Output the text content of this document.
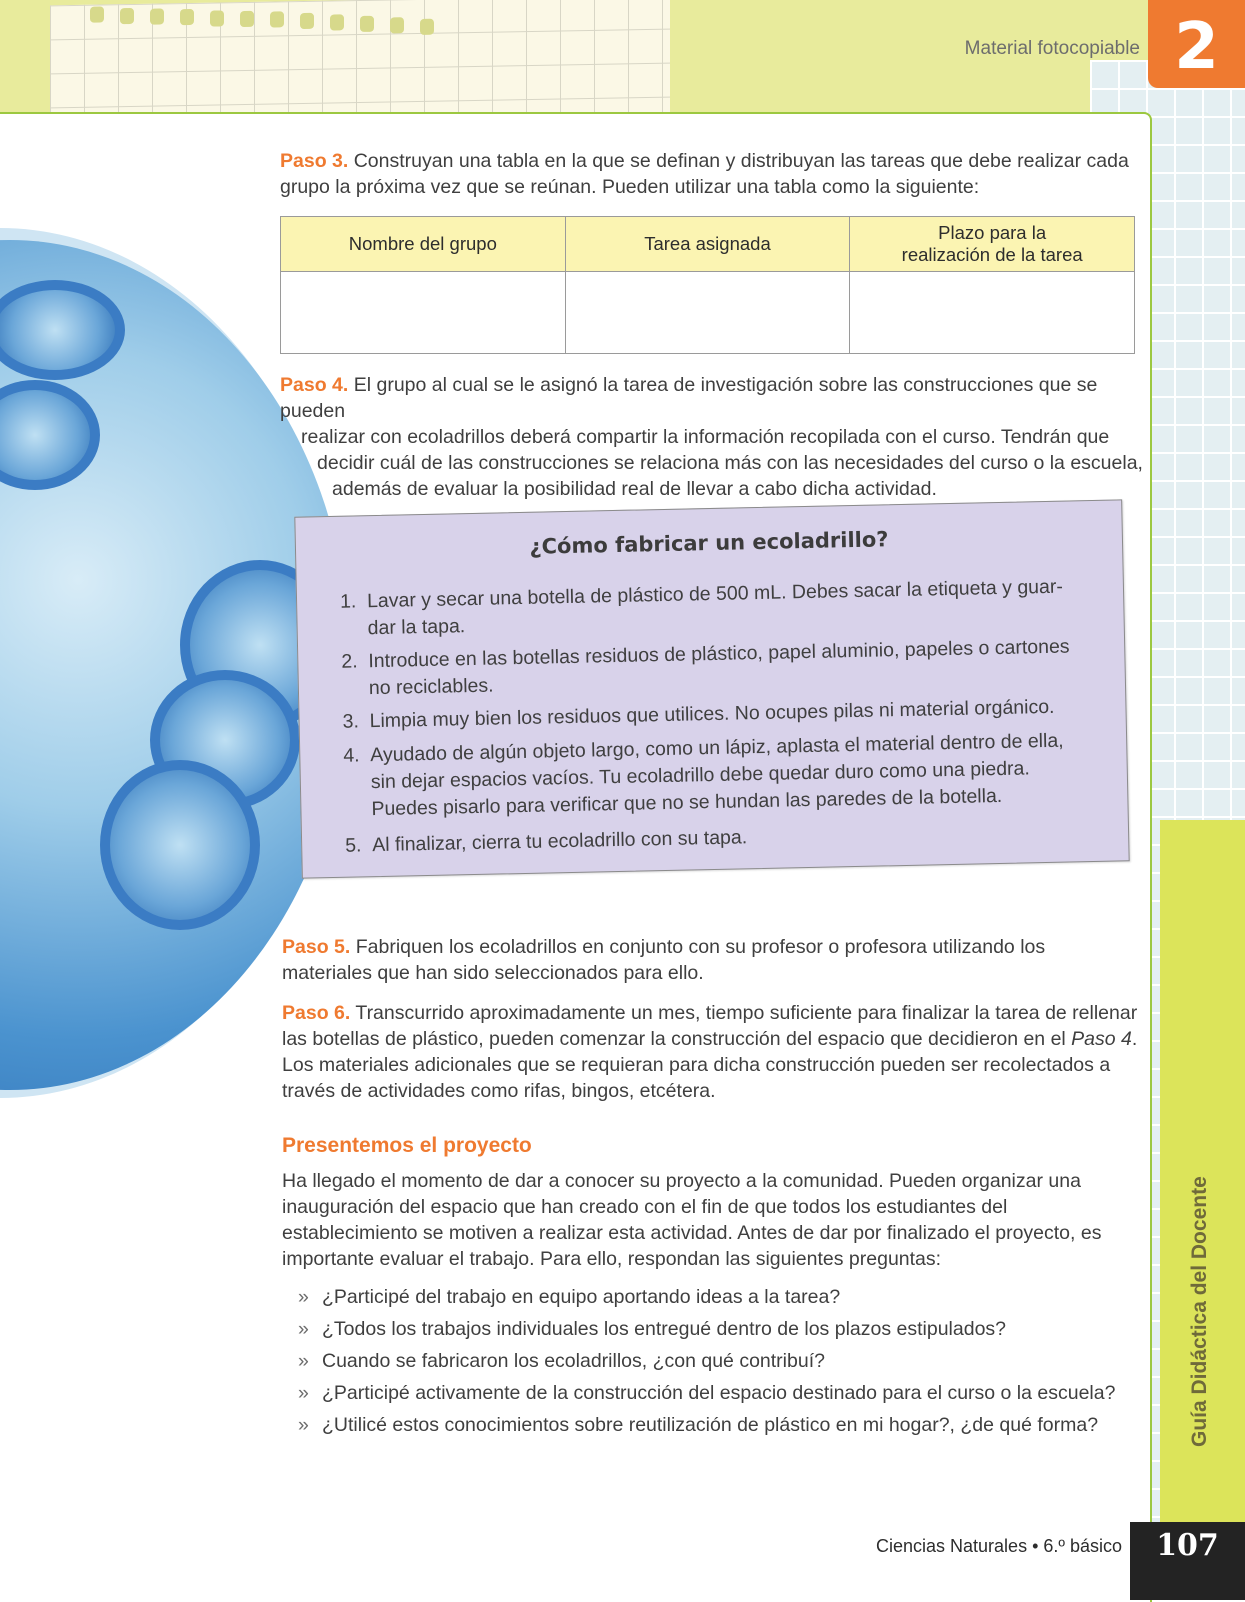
Material fotocopiable 2
Paso 3. Construyan una tabla en la que se definan y distribuyan las tareas que debe realizar cada grupo la próxima vez que se reúnan. Pueden utilizar una tabla como la siguiente:
Nombre del grupo	Tarea asignada	Plazo para la realización de la tarea

Paso 4. El grupo al cual se le asignó la tarea de investigación sobre las construcciones que se pueden
realizar con ecoladrillos deberá compartir la información recopilada con el curso. Tendrán que
decidir cuál de las construcciones se relaciona más con las necesidades del curso o la escuela,
además de evaluar la posibilidad real de llevar a cabo dicha actividad.
¿Cómo fabricar un ecoladrillo?
1. Lavar y secar una botella de plástico de 500 mL. Debes sacar la etiqueta y guar-dar la tapa.
2. Introduce en las botellas residuos de plástico, papel aluminio, papeles o cartones no reciclables.
3. Limpia muy bien los residuos que utilices. No ocupes pilas ni material orgánico.
4. Ayudado de algún objeto largo, como un lápiz, aplasta el material dentro de ella, sin dejar espacios vacíos. Tu ecoladrillo debe quedar duro como una piedra. Puedes pisarlo para verificar que no se hundan las paredes de la botella.
5. Al finalizar, cierra tu ecoladrillo con su tapa.
Paso 5. Fabriquen los ecoladrillos en conjunto con su profesor o profesora utilizando los materiales que han sido seleccionados para ello.
Paso 6. Transcurrido aproximadamente un mes, tiempo suficiente para finalizar la tarea de rellenar las botellas de plástico, pueden comenzar la construcción del espacio que decidieron en el Paso 4. Los materiales adicionales que se requieran para dicha construcción pueden ser recolectados a través de actividades como rifas, bingos, etcétera.
Presentemos el proyecto
Ha llegado el momento de dar a conocer su proyecto a la comunidad. Pueden organizar una inauguración del espacio que han creado con el fin de que todos los estudiantes del establecimiento se motiven a realizar esta actividad. Antes de dar por finalizado el proyecto, es importante evaluar el trabajo. Para ello, respondan las siguientes preguntas:
» ¿Participé del trabajo en equipo aportando ideas a la tarea?
» ¿Todos los trabajos individuales los entregué dentro de los plazos estipulados?
» Cuando se fabricaron los ecoladrillos, ¿con qué contribuí?
» ¿Participé activamente de la construcción del espacio destinado para el curso o la escuela?
» ¿Utilicé estos conocimientos sobre reutilización de plástico en mi hogar?, ¿de qué forma?	Guía Didáctica del Docente
Ciencias Naturales • 6.º básico	107
